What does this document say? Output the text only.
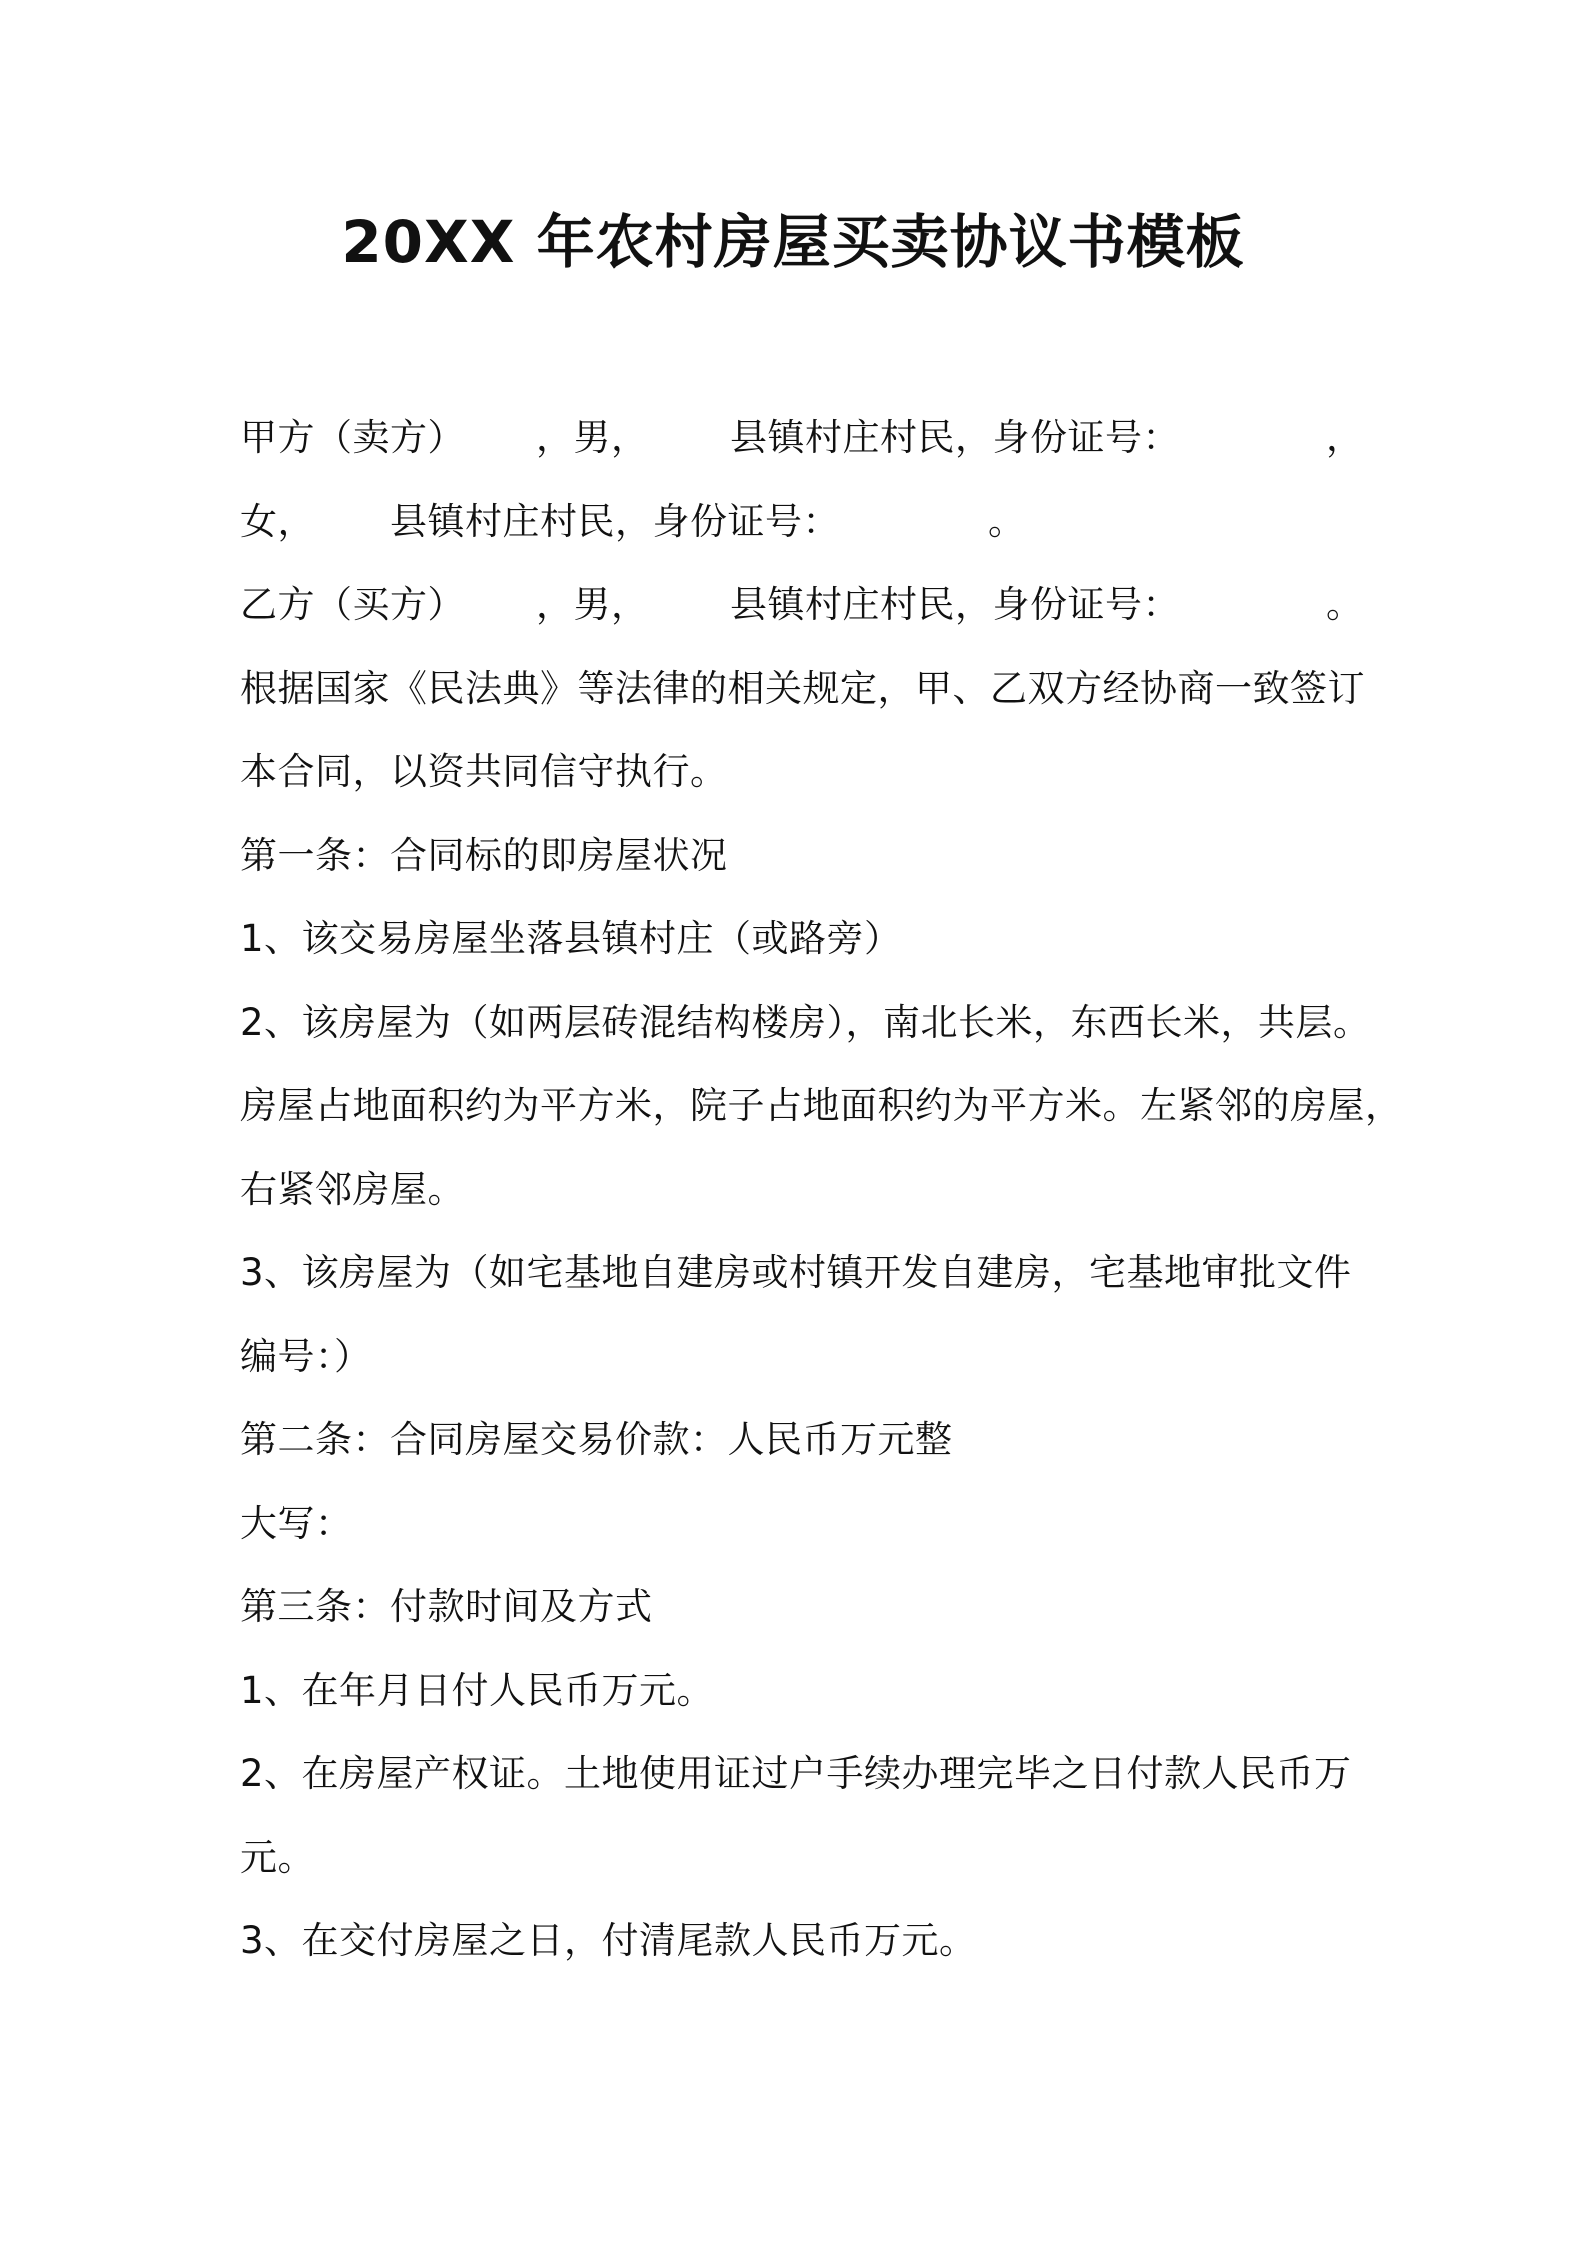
20XX 年农村房屋买卖协议书模板
甲方（卖方） ，男， 县镇村庄村民，身份证号：	，
女， 县镇村庄村民，身份证号：	。
乙方（买方） ，男， 县镇村庄村民，身份证号：	。
根据国家《民法典》等法律的相关规定，甲、乙双方经协商一致签订
本合同，以资共同信守执行。
第一条：合同标的即房屋状况
1、该交易房屋坐落县镇村庄（或路旁）
2、该房屋为（如两层砖混结构楼房），南北长米，东西长米，共层。
房屋占地面积约为平方米，院子占地面积约为平方米。左紧邻的房屋，
右紧邻房屋。
3、该房屋为（如宅基地自建房或村镇开发自建房，宅基地审批文件
编号：）
第二条：合同房屋交易价款：人民币万元整
大写：
第三条：付款时间及方式
1、在年月日付人民币万元。
2、在房屋产权证。土地使用证过户手续办理完毕之日付款人民币万
元。
3、在交付房屋之日，付清尾款人民币万元。
